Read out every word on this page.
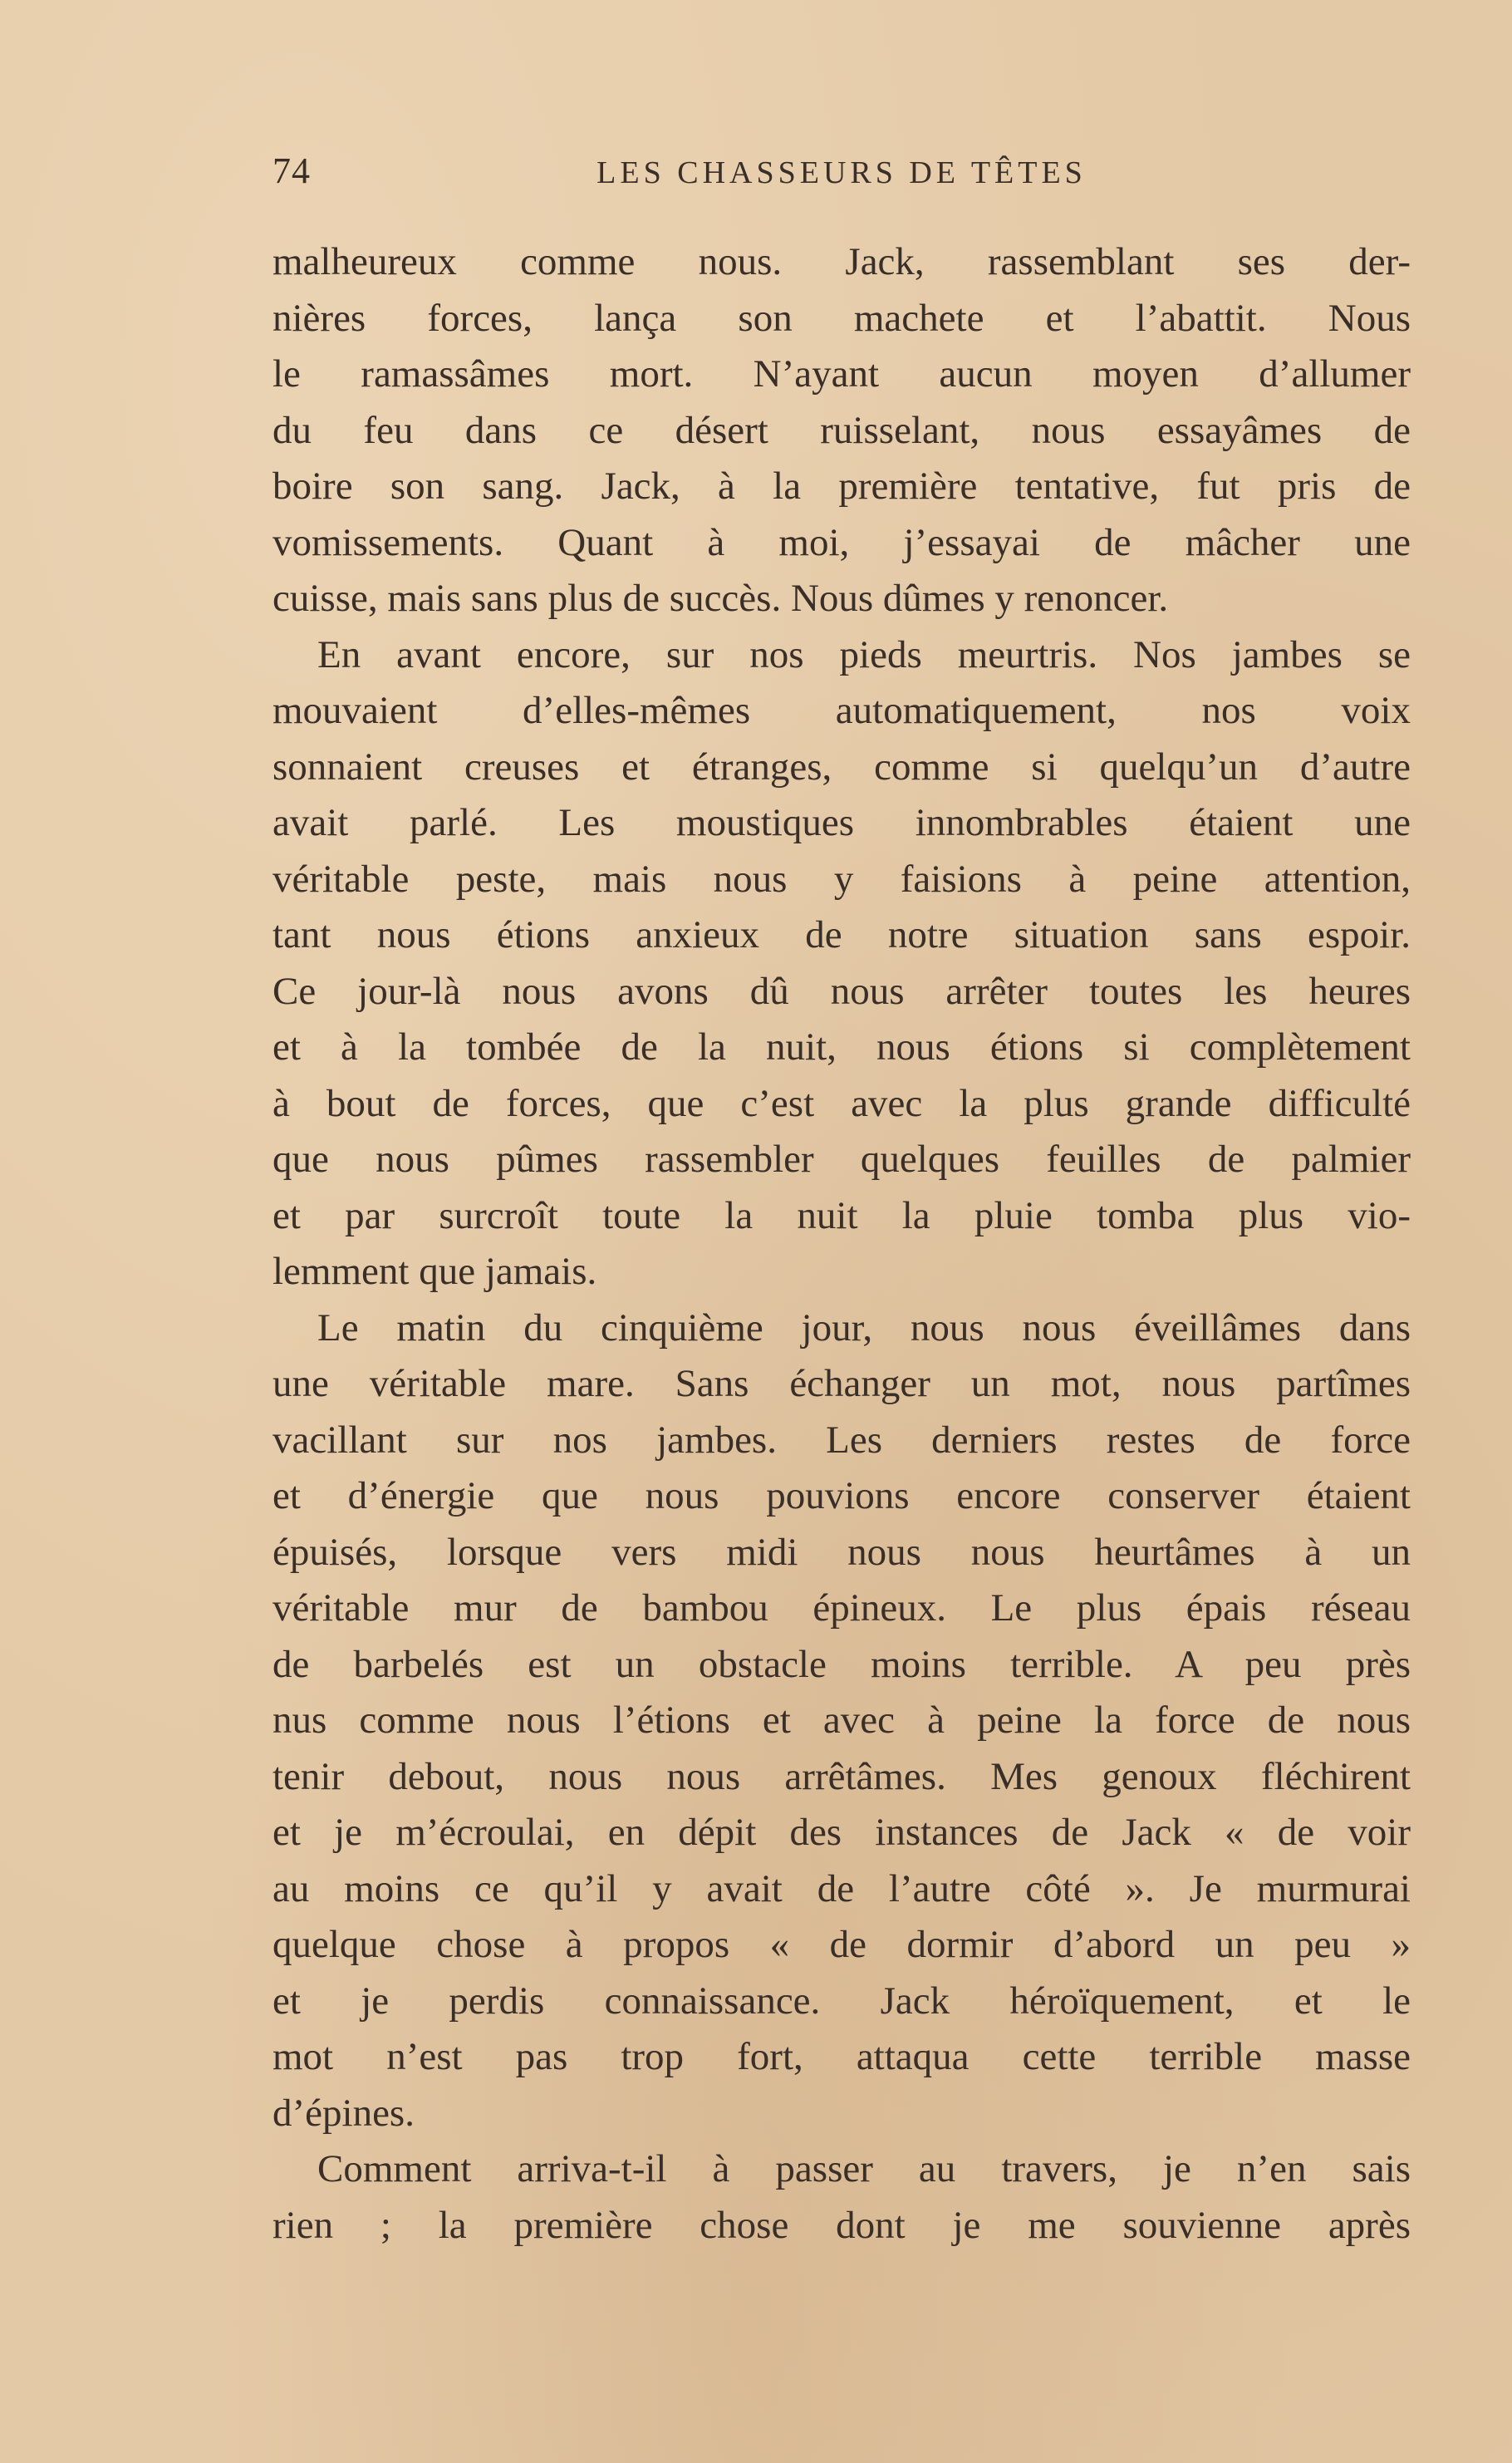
74	LES CHASSEURS DE TÊTES

malheureux comme nous. Jack, rassemblant ses der-
nières forces, lança son machete et l’abattit. Nous
le ramassâmes mort. N’ayant aucun moyen d’allumer
du feu dans ce désert ruisselant, nous essayâmes de
boire son sang. Jack, à la première tentative, fut pris de
vomissements. Quant à moi, j’essayai de mâcher une
cuisse, mais sans plus de succès. Nous dûmes y renoncer.

En avant encore, sur nos pieds meurtris. Nos jambes se
mouvaient d’elles-mêmes automatiquement, nos voix
sonnaient creuses et étranges, comme si quelqu’un d’autre
avait parlé. Les moustiques innombrables étaient une
véritable peste, mais nous y faisions à peine attention,
tant nous étions anxieux de notre situation sans espoir.
Ce jour-là nous avons dû nous arrêter toutes les heures
et à la tombée de la nuit, nous étions si complètement
à bout de forces, que c’est avec la plus grande difficulté
que nous pûmes rassembler quelques feuilles de palmier
et par surcroît toute la nuit la pluie tomba plus vio-
lemment que jamais.

Le matin du cinquième jour, nous nous éveillâmes dans
une véritable mare. Sans échanger un mot, nous partîmes
vacillant sur nos jambes. Les derniers restes de force
et d’énergie que nous pouvions encore conserver étaient
épuisés, lorsque vers midi nous nous heurtâmes à un
véritable mur de bambou épineux. Le plus épais réseau
de barbelés est un obstacle moins terrible. A peu près
nus comme nous l’étions et avec à peine la force de nous
tenir debout, nous nous arrêtâmes. Mes genoux fléchirent
et je m’écroulai, en dépit des instances de Jack « de voir
au moins ce qu’il y avait de l’autre côté ». Je murmurai
quelque chose à propos « de dormir d’abord un peu »
et je perdis connaissance. Jack héroïquement, et le
mot n’est pas trop fort, attaqua cette terrible masse
d’épines.

Comment arriva-t-il à passer au travers, je n’en sais
rien ; la première chose dont je me souvienne après
